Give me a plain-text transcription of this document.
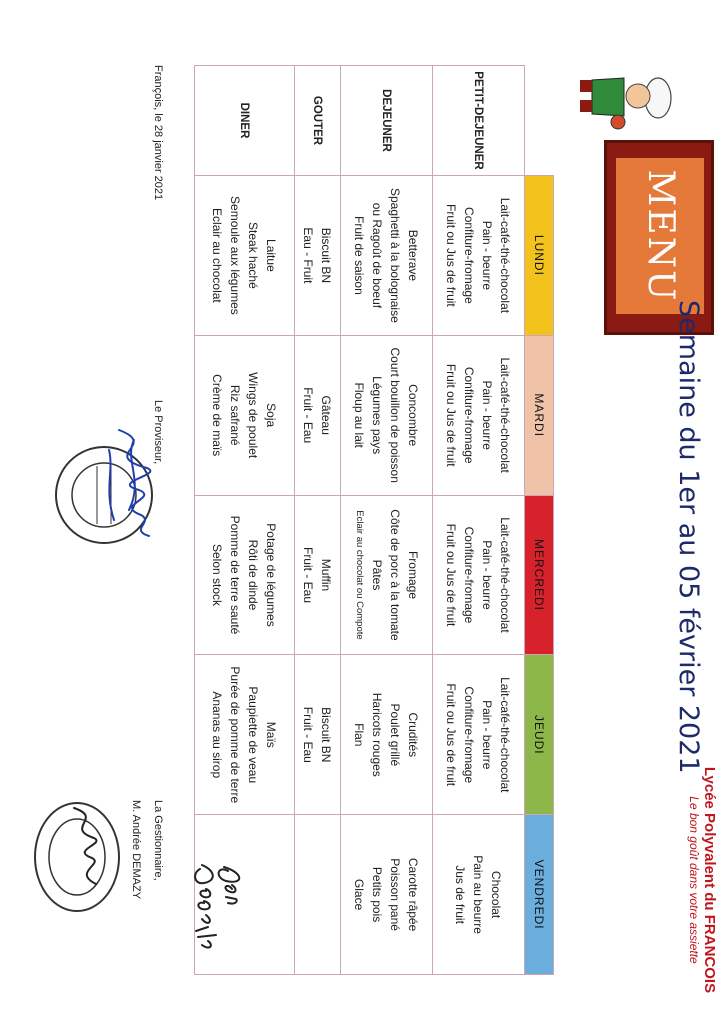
MENU
Semaine du 1er au 05 février 2021
Lycée Polyvalent du FRANCOIS
Le bon goût dans votre assiette
	LUNDI	MARDI	MERCREDI	JEUDI	VENDREDI
PETIT-DEJEUNER	Lait-café-thé-chocolat
Pain - beurre
Confiture-fromage
Fruit ou Jus de fruit	Lait-café-thé-chocolat
Pain - beurre
Confiture-fromage
Fruit ou Jus de fruit	Lait-café-thé-chocolat
Pain - beurre
Confiture-fromage
Fruit ou Jus de fruit	Lait-café-thé-chocolat
Pain - beurre
Confiture-fromage
Fruit ou Jus de fruit	Chocolat
Pain au beurre
Jus de fruit

DEJEUNER	Betterave
Spaghetti à la bolognaise
ou Ragoût de boeuf
Fruit de saison	Concombre
Court bouillon de poisson
Légumes pays
Floup au lait	Fromage
Côte de porc à la tomate
Pâtes
Eclair au chocolat ou Compote	Crudités
Poulet grillé
Haricots rouges
Flan	Carotte râpée
Poisson pané
Petits pois
Glace

GOUTER	Biscuit BN
Eau - Fruit	Gâteau
Fruit - Eau	Muffin
Fruit - Eau	Biscuit BN
Fruit - Eau	

DINER	Laitue
Steak haché
Semoule aux légumes
Eclair au chocolat	Soja
Wings de poulet
Riz safrané
Crème de maïs	Potage de légumes
Rôti de dinde
Pomme de terre sauté
Selon stock	Maïs
Paupiette de veau
Purée de pomme de terre
Ananas au sirop	

François, le 28 janvier 2021
Le Proviseur,
La Gestionnaire,
M. Andrée DEMAZY
